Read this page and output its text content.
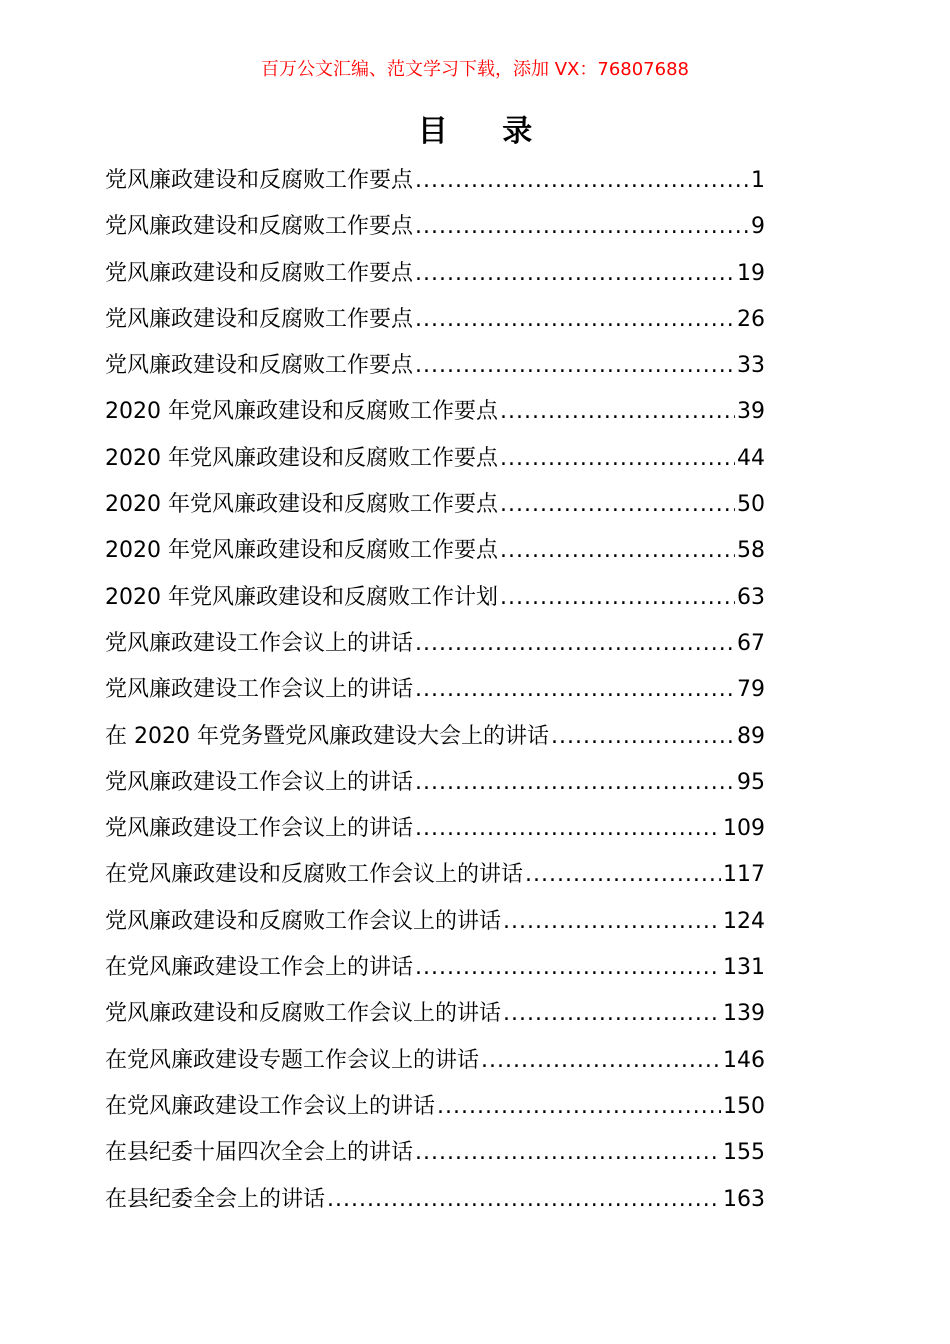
百万公文汇编、范文学习下载，添加 VX：76807688
目 录
党风廉政建设和反腐败工作要点 .....	1
党风廉政建设和反腐败工作要点 .....	9
党风廉政建设和反腐败工作要点 .....	19
党风廉政建设和反腐败工作要点 .....	26
党风廉政建设和反腐败工作要点 .....	33
2020 年党风廉政建设和反腐败工作要点 .....	39
2020 年党风廉政建设和反腐败工作要点 .....	44
2020 年党风廉政建设和反腐败工作要点 .....	50
2020 年党风廉政建设和反腐败工作要点 .....	58
2020 年党风廉政建设和反腐败工作计划 .....	63
党风廉政建设工作会议上的讲话 .....	67
党风廉政建设工作会议上的讲话 .....	79
在 2020 年党务暨党风廉政建设大会上的讲话 .....	89
党风廉政建设工作会议上的讲话 .....	95
党风廉政建设工作会议上的讲话 .....	109
在党风廉政建设和反腐败工作会议上的讲话 .....	117
党风廉政建设和反腐败工作会议上的讲话 .....	124
在党风廉政建设工作会上的讲话 .....	131
党风廉政建设和反腐败工作会议上的讲话 .....	139
在党风廉政建设专题工作会议上的讲话 .....	146
在党风廉政建设工作会议上的讲话 .....	150
在县纪委十届四次全会上的讲话 .....	155
在县纪委全会上的讲话 .....	163
